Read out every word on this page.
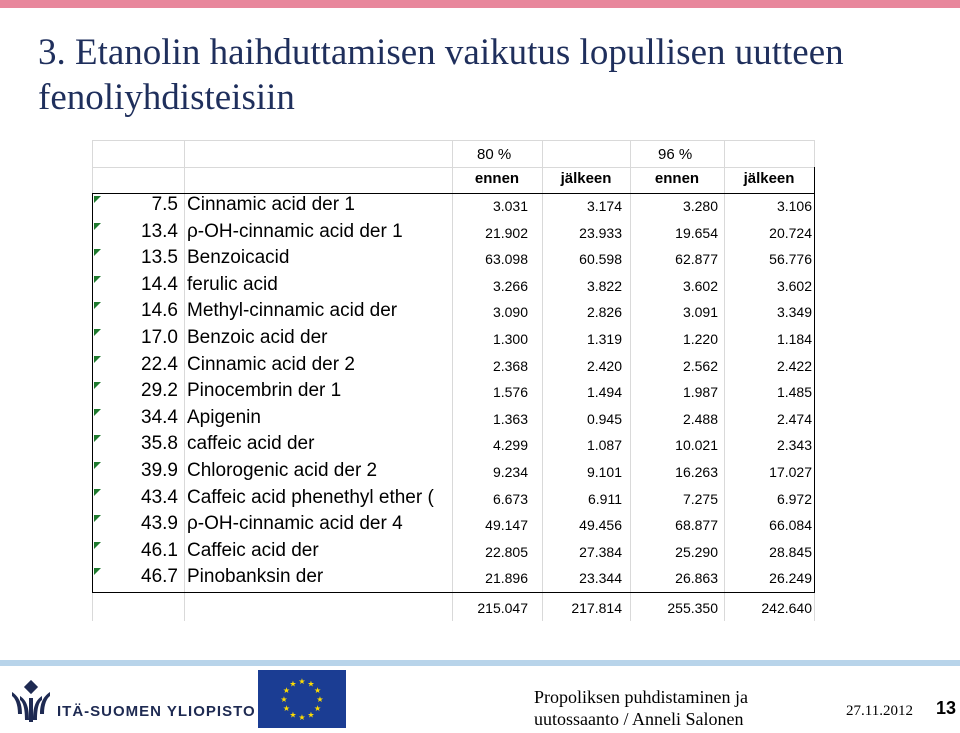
3. Etanolin haihduttamisen vaikutus lopullisen uutteen fenoliyhdisteisiin
80 %	96 %
ennen	jälkeen	ennen	jälkeen
7.5 Cinnamic acid der 1	3.031	3.174	3.280	3.106
13.4 ρ-OH-cinnamic acid der 1	21.902	23.933	19.654	20.724
13.5 Benzoicacid	63.098	60.598	62.877	56.776
14.4 ferulic acid	3.266	3.822	3.602	3.602
14.6 Methyl-cinnamic acid der	3.090	2.826	3.091	3.349
17.0 Benzoic acid der	1.300	1.319	1.220	1.184
22.4 Cinnamic acid der 2	2.368	2.420	2.562	2.422
29.2 Pinocembrin der 1	1.576	1.494	1.987	1.485
34.4 Apigenin	1.363	0.945	2.488	2.474
35.8 caffeic acid der	4.299	1.087	10.021	2.343
39.9 Chlorogenic acid der 2	9.234	9.101	16.263	17.027
43.4 Caffeic acid phenethyl ether (	6.673	6.911	7.275	6.972
43.9 ρ-OH-cinnamic acid der 4	49.147	49.456	68.877	66.084
46.1 Caffeic acid der	22.805	27.384	25.290	28.845
46.7 Pinobanksin der	21.896	23.344	26.863	26.249
215.047	217.814	255.350	242.640
ITÄ-SUOMEN YLIOPISTO
★
★
★
★
★
★
★
★
★ ★ ★
★	Propoliksen puhdistaminen ja
uutossaanto / Anneli Salonen	27.11.2012 13
